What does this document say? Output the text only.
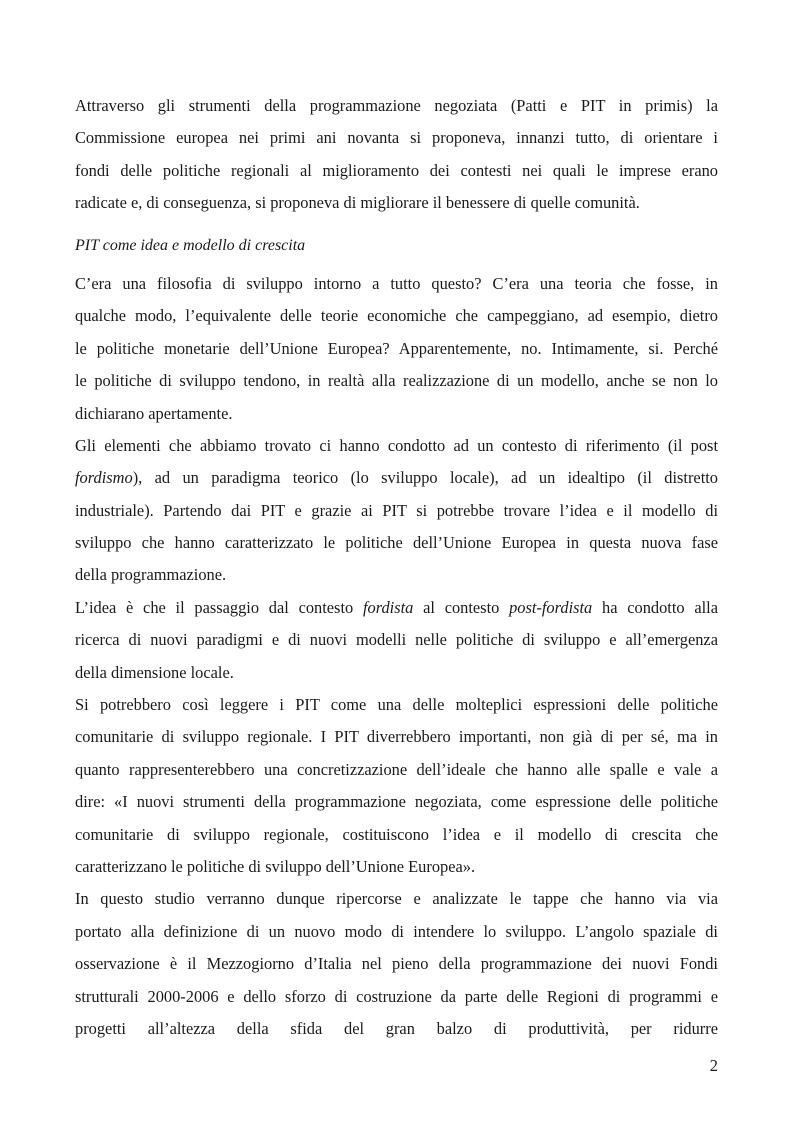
Attraverso gli strumenti della programmazione negoziata (Patti e PIT in primis) la
Commissione europea nei primi ani novanta si proponeva, innanzi tutto, di orientare i
fondi delle politiche regionali al miglioramento dei contesti nei quali le imprese erano
radicate e, di conseguenza, si proponeva di migliorare il benessere di quelle comunità.
PIT come idea e modello di crescita
C’era una filosofia di sviluppo intorno a tutto questo? C’era una teoria che fosse, in
qualche modo, l’equivalente delle teorie economiche che campeggiano, ad esempio, dietro
le politiche monetarie dell’Unione Europea? Apparentemente, no. Intimamente, si. Perché
le politiche di sviluppo tendono, in realtà alla realizzazione di un modello, anche se non lo
dichiarano apertamente.
Gli elementi che abbiamo trovato ci hanno condotto ad un contesto di riferimento (il post
fordismo), ad un paradigma teorico (lo sviluppo locale), ad un idealtipo (il distretto
industriale). Partendo dai PIT e grazie ai PIT si potrebbe trovare l’idea e il modello di
sviluppo che hanno caratterizzato le politiche dell’Unione Europea in questa nuova fase
della programmazione.
L’idea è che il passaggio dal contesto fordista al contesto post-fordista ha condotto alla
ricerca di nuovi paradigmi e di nuovi modelli nelle politiche di sviluppo e all’emergenza
della dimensione locale.
Si potrebbero così leggere i PIT come una delle molteplici espressioni delle politiche
comunitarie di sviluppo regionale. I PIT diverrebbero importanti, non già di per sé, ma in
quanto rappresenterebbero una concretizzazione dell’ideale che hanno alle spalle e vale a
dire: «I nuovi strumenti della programmazione negoziata, come espressione delle politiche
comunitarie di sviluppo regionale, costituiscono l’idea e il modello di crescita che
caratterizzano le politiche di sviluppo dell’Unione Europea».
In questo studio verranno dunque ripercorse e analizzate le tappe che hanno via via
portato alla definizione di un nuovo modo di intendere lo sviluppo. L’angolo spaziale di
osservazione è il Mezzogiorno d’Italia nel pieno della programmazione dei nuovi Fondi
strutturali 2000-2006 e dello sforzo di costruzione da parte delle Regioni di programmi e
progetti all’altezza della sfida del gran balzo di produttività, per ridurre
2
